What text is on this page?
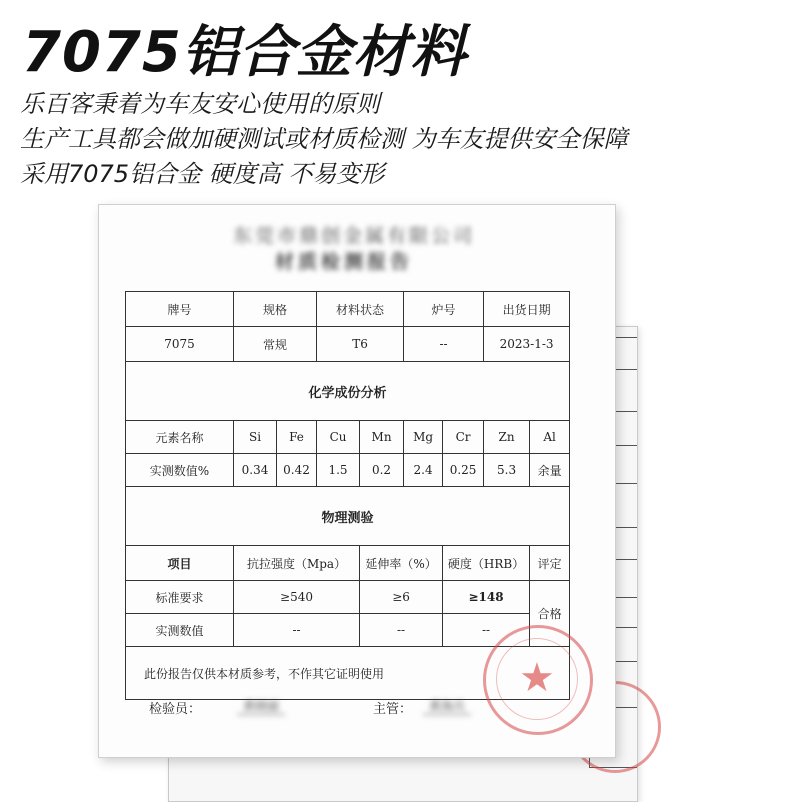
7075铝合金材料
乐百客秉着为车友安心使用的原则
生产工具都会做加硬测试或材质检测 为车友提供安全保障
采用7075铝合金 硬度高 不易变形
东莞市鼎创金属有限公司
材质检测报告
牌号	规格		材料状态		炉号		出货日期	
7075	常规		T6		--		2023-1-3	
化学成份分析								
元素名称	Si	Fe	Cu	Mn	Mg	Cr	Zn	Al
实测数值%	0.34	0.42	1.5	0.2	2.4	0.25	5.3	余量
物理测验								
项目	抗拉强度（Mpa）			延伸率（%）		硬度（HRB）		评定
标准要求	≥540			≥6		≥148		合格
实测数值	--			--		--		
此份报告仅供本材质参考，不作其它证明使用								
检验员：	黄晓丽	主管：	黄海兵
★
